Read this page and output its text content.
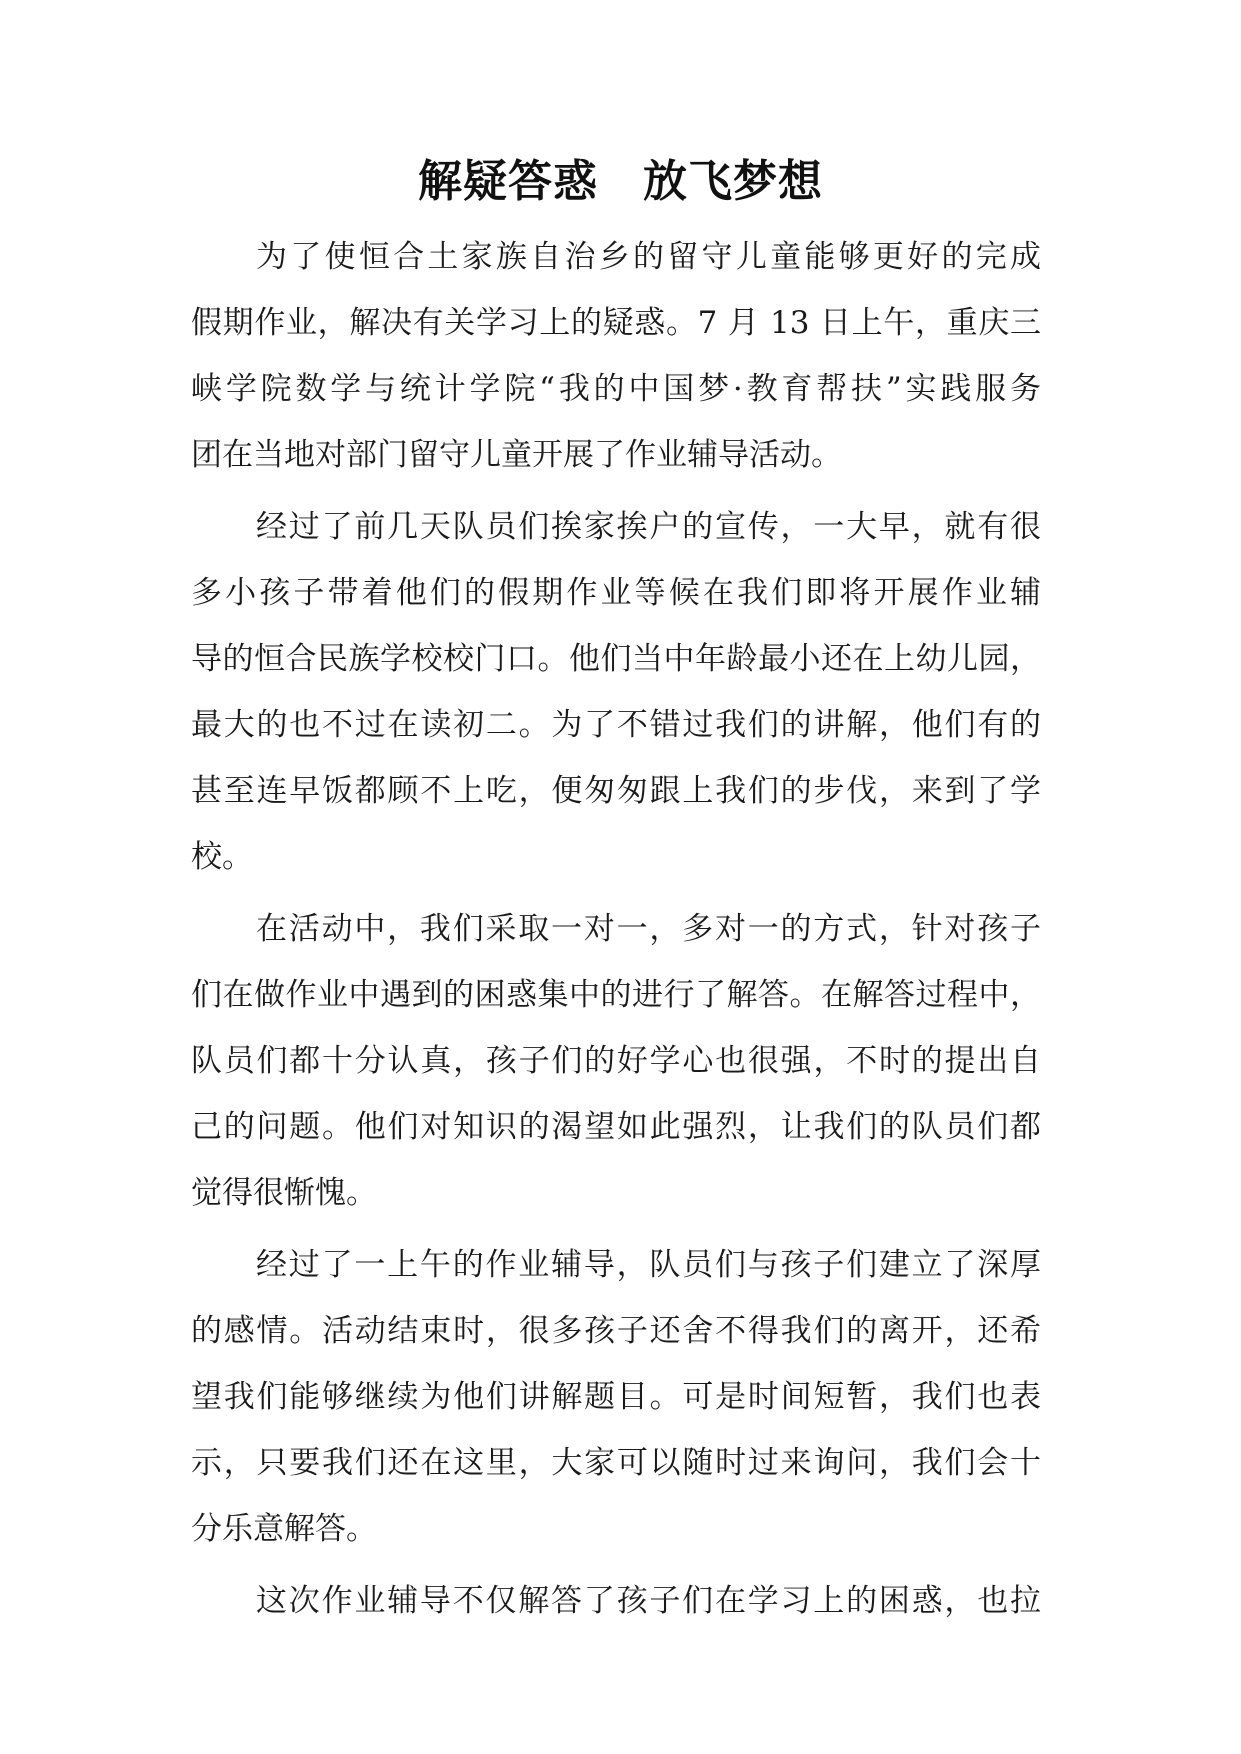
解疑答惑　放飞梦想
为了使恒合土家族自治乡的留守儿童能够更好的完成
假期作业，解决有关学习上的疑惑。7 月 13 日上午，重庆三
峡学院数学与统计学院“我的中国梦·教育帮扶”实践服务
团在当地对部门留守儿童开展了作业辅导活动。
经过了前几天队员们挨家挨户的宣传，一大早，就有很
多小孩子带着他们的假期作业等候在我们即将开展作业辅
导的恒合民族学校校门口。他们当中年龄最小还在上幼儿园，
最大的也不过在读初二。为了不错过我们的讲解，他们有的
甚至连早饭都顾不上吃，便匆匆跟上我们的步伐，来到了学
校。
在活动中，我们采取一对一，多对一的方式，针对孩子
们在做作业中遇到的困惑集中的进行了解答。在解答过程中，
队员们都十分认真，孩子们的好学心也很强，不时的提出自
己的问题。他们对知识的渴望如此强烈，让我们的队员们都
觉得很惭愧。
经过了一上午的作业辅导，队员们与孩子们建立了深厚
的感情。活动结束时，很多孩子还舍不得我们的离开，还希
望我们能够继续为他们讲解题目。可是时间短暂，我们也表
示，只要我们还在这里，大家可以随时过来询问，我们会十
分乐意解答。
这次作业辅导不仅解答了孩子们在学习上的困惑，也拉
